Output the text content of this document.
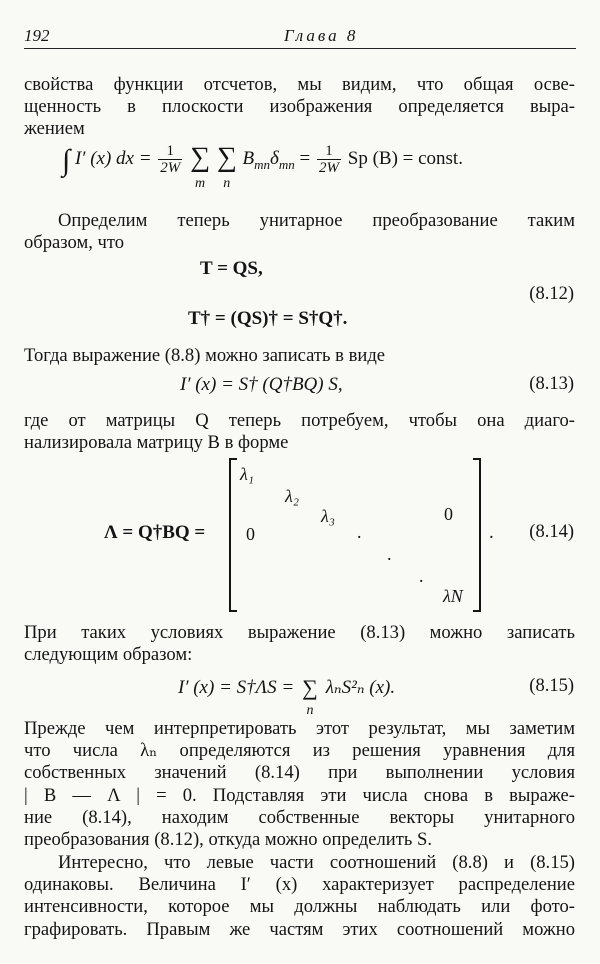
192	Глава 8
свойства функции отсчетов, мы видим, что общая осве-
щенность в плоскости изображения определяется выра-
жением
∫ I′ (x) dx = $\frac{1}{2W}$ ∑
m
∑
n
$B_{mn}\delta_{mn} = \frac{1}{2W}$ Sp (B) = const.
Определим теперь унитарное преобразование таким
образом, что
T = QS,
T† = (QS)† = S†Q†.
(8.12)
Тогда выражение (8.8) можно записать в виде
I′ (x) = S† (Q†BQ) S,	(8.13)
где от матрицы Q теперь потребуем, чтобы она диаго-
нализировала матрицу B в форме
Λ = Q†BQ =
λ₁
λ₂
λ₃	0
0	.
.
.
λN
. (8.14)
При таких условиях выражение (8.13) можно записать
следующим образом:
I′ (x) = S†ΛS = ∑
n
λₙS²ₙ (x).	(8.15)
Прежде чем интерпретировать этот результат, мы заметим
что числа λₙ определяются из решения уравнения для
собственных значений (8.14) при выполнении условия
| B — Λ | = 0. Подставляя эти числа снова в выраже-
ние (8.14), находим собственные векторы унитарного
преобразования (8.12), откуда можно определить S.
Интересно, что левые части соотношений (8.8) и (8.15)
одинаковы. Величина I′ (x) характеризует распределение
интенсивности, которое мы должны наблюдать или фото-
графировать. Правым же частям этих соотношений можно
